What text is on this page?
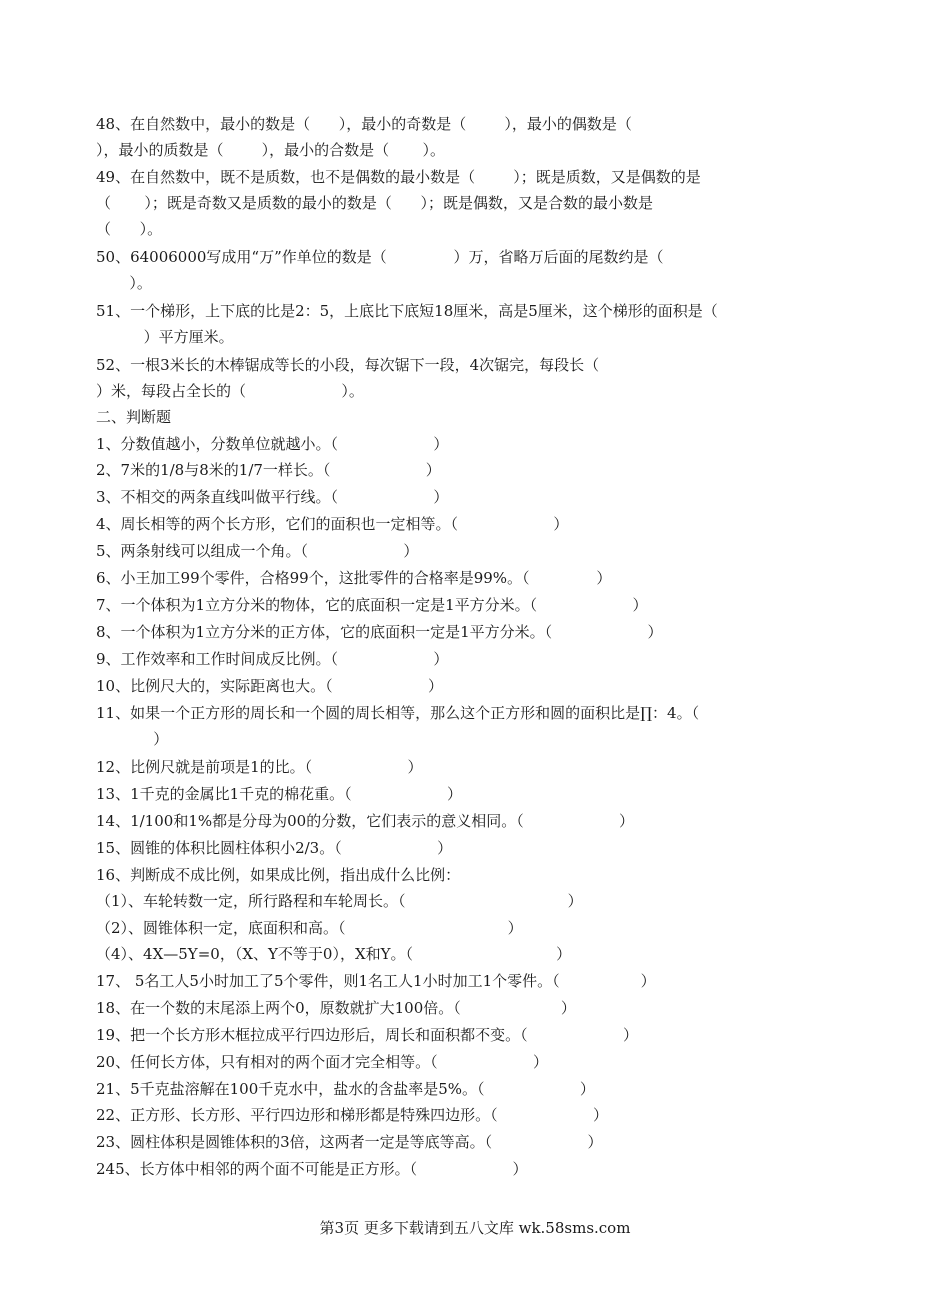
48、在自然数中，最小的数是（      ），最小的奇数是（        ），最小的偶数是（
），最小的质数是（        ），最小的合数是（       ）。
49、在自然数中，既不是质数，也不是偶数的最小数是（        ）；既是质数，又是偶数的是
（       ）；既是奇数又是质数的最小的数是（      ）；既是偶数，又是合数的最小数是
（      ）。
50、64006000写成用“万”作单位的数是（              ）万，省略万后面的尾数约是（
）。
51、一个梯形，上下底的比是2：5，上底比下底短18厘米，高是5厘米，这个梯形的面积是（
）平方厘米。
52、一根3米长的木棒锯成等长的小段，每次锯下一段，4次锯完，每段长（
）米，每段占全长的（                    ）。
二、判断题
1、分数值越小，分数单位就越小。（                    ）
2、7米的1/8与8米的1/7一样长。（                    ）
3、不相交的两条直线叫做平行线。（                    ）
4、周长相等的两个长方形，它们的面积也一定相等。（                    ）
5、两条射线可以组成一个角。（                    ）
6、小王加工99个零件，合格99个，这批零件的合格率是99%。（              ）
7、一个体积为1立方分米的物体，它的底面积一定是1平方分米。（                    ）
8、一个体积为1立方分米的正方体，它的底面积一定是1平方分米。（                    ）
9、工作效率和工作时间成反比例。（                    ）
10、比例尺大的，实际距离也大。（                    ）
11、如果一个正方形的周长和一个圆的周长相等，那么这个正方形和圆的面积比是∏：4。（
）
12、比例尺就是前项是1的比。（                    ）
13、1千克的金属比1千克的棉花重。（                    ）
14、1/100和1%都是分母为00的分数，它们表示的意义相同。（                    ）
15、圆锥的体积比圆柱体积小2/3。（                    ）
16、判断成不成比例，如果成比例，指出成什么比例：
（1）、车轮转数一定，所行路程和车轮周长。（                                  ）
（2）、圆锥体积一定，底面积和高。（                                  ）
（4）、4X—5Y=0，（X、Y不等于0），X和Y。（                              ）
17、 5名工人5小时加工了5个零件，则1名工人1小时加工1个零件。（                 ）
18、在一个数的末尾添上两个0，原数就扩大100倍。（                     ）
19、把一个长方形木框拉成平行四边形后，周长和面积都不变。（                    ）
20、任何长方体，只有相对的两个面才完全相等。（                    ）
21、5千克盐溶解在100千克水中，盐水的含盐率是5%。（                    ）
22、正方形、长方形、平行四边形和梯形都是特殊四边形。（                    ）
23、圆柱体积是圆锥体积的3倍，这两者一定是等底等高。（                    ）
245、长方体中相邻的两个面不可能是正方形。（                    ）
第3页 更多下载请到五八文库 wk.58sms.com
